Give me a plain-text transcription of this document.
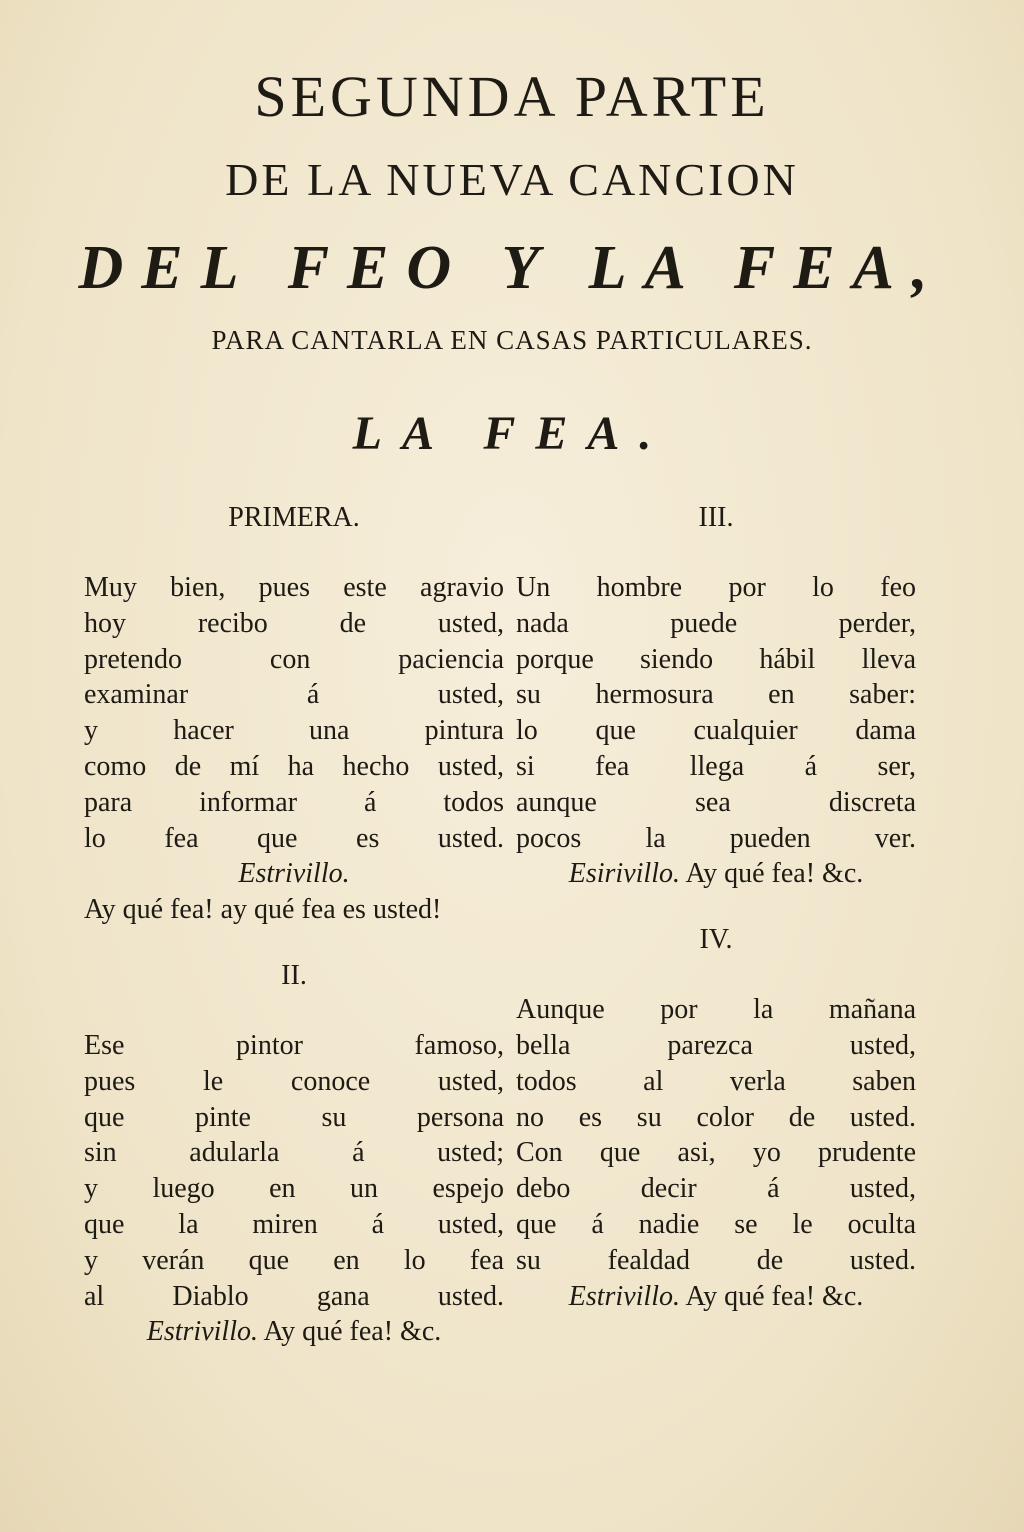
SEGUNDA PARTE
DE LA NUEVA CANCION
DEL FEO Y LA FEA,
PARA CANTARLA EN CASAS PARTICULARES.
LA FEA.
PRIMERA.
Muy bien, pues este agravio
hoy recibo de usted,
pretendo con paciencia
examinar á usted,
y hacer una pintura
como de mí ha hecho usted,
para informar á todos
lo fea que es usted.
Estrivillo.
Ay qué fea! ay qué fea es usted!
II.
Ese pintor famoso,
pues le conoce usted,
que pinte su persona
sin adularla á usted;
y luego en un espejo
que la miren á usted,
y verán que en lo fea
al Diablo gana usted.
Estrivillo. Ay qué fea! &c.
III.
Un hombre por lo feo
nada puede perder,
porque siendo hábil lleva
su hermosura en saber:
lo que cualquier dama
si fea llega á ser,
aunque sea discreta
pocos la pueden ver.
Esirivillo. Ay qué fea! &c.
IV.
Aunque por la mañana
bella parezca usted,
todos al verla saben
no es su color de usted.
Con que asi, yo prudente
debo decir á usted,
que á nadie se le oculta
su fealdad de usted.
Estrivillo. Ay qué fea! &c.
